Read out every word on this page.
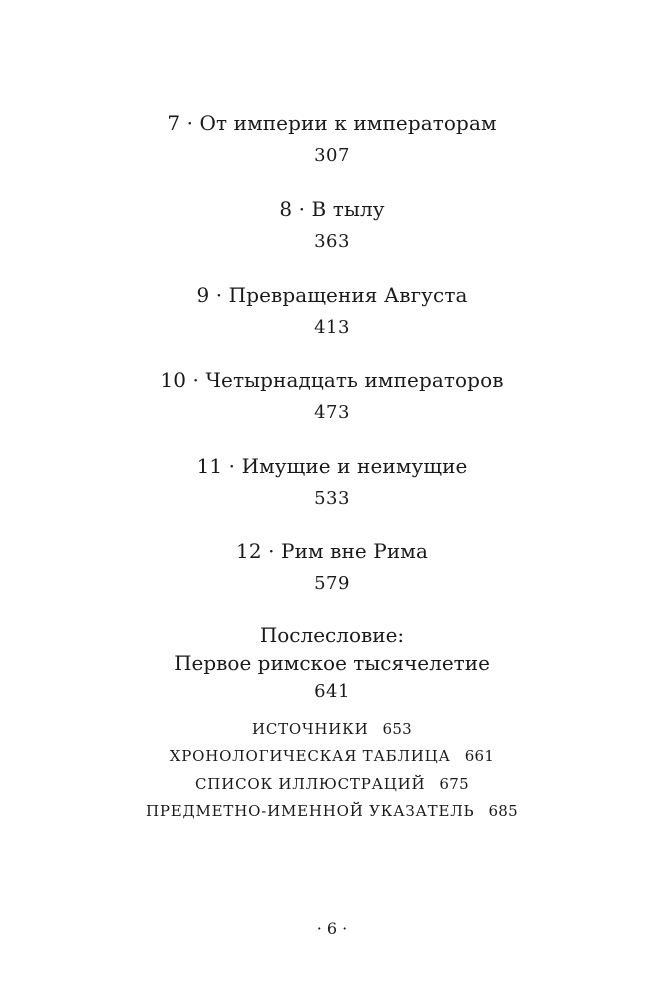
7 · От империи к императорам
307
8 · В тылу
363
9 · Превращения Августа
413
10 · Четырнадцать императоров
473
11 · Имущие и неимущие
533
12 · Рим вне Рима
579
Послесловие:
Первое римское тысячелетие
641
ИСТОЧНИКИ 653
ХРОНОЛОГИЧЕСКАЯ ТАБЛИЦА 661
СПИСОК ИЛЛЮСТРАЦИЙ 675
ПРЕДМЕТНО-ИМЕННОЙ УКАЗАТЕЛЬ 685
· 6 ·
